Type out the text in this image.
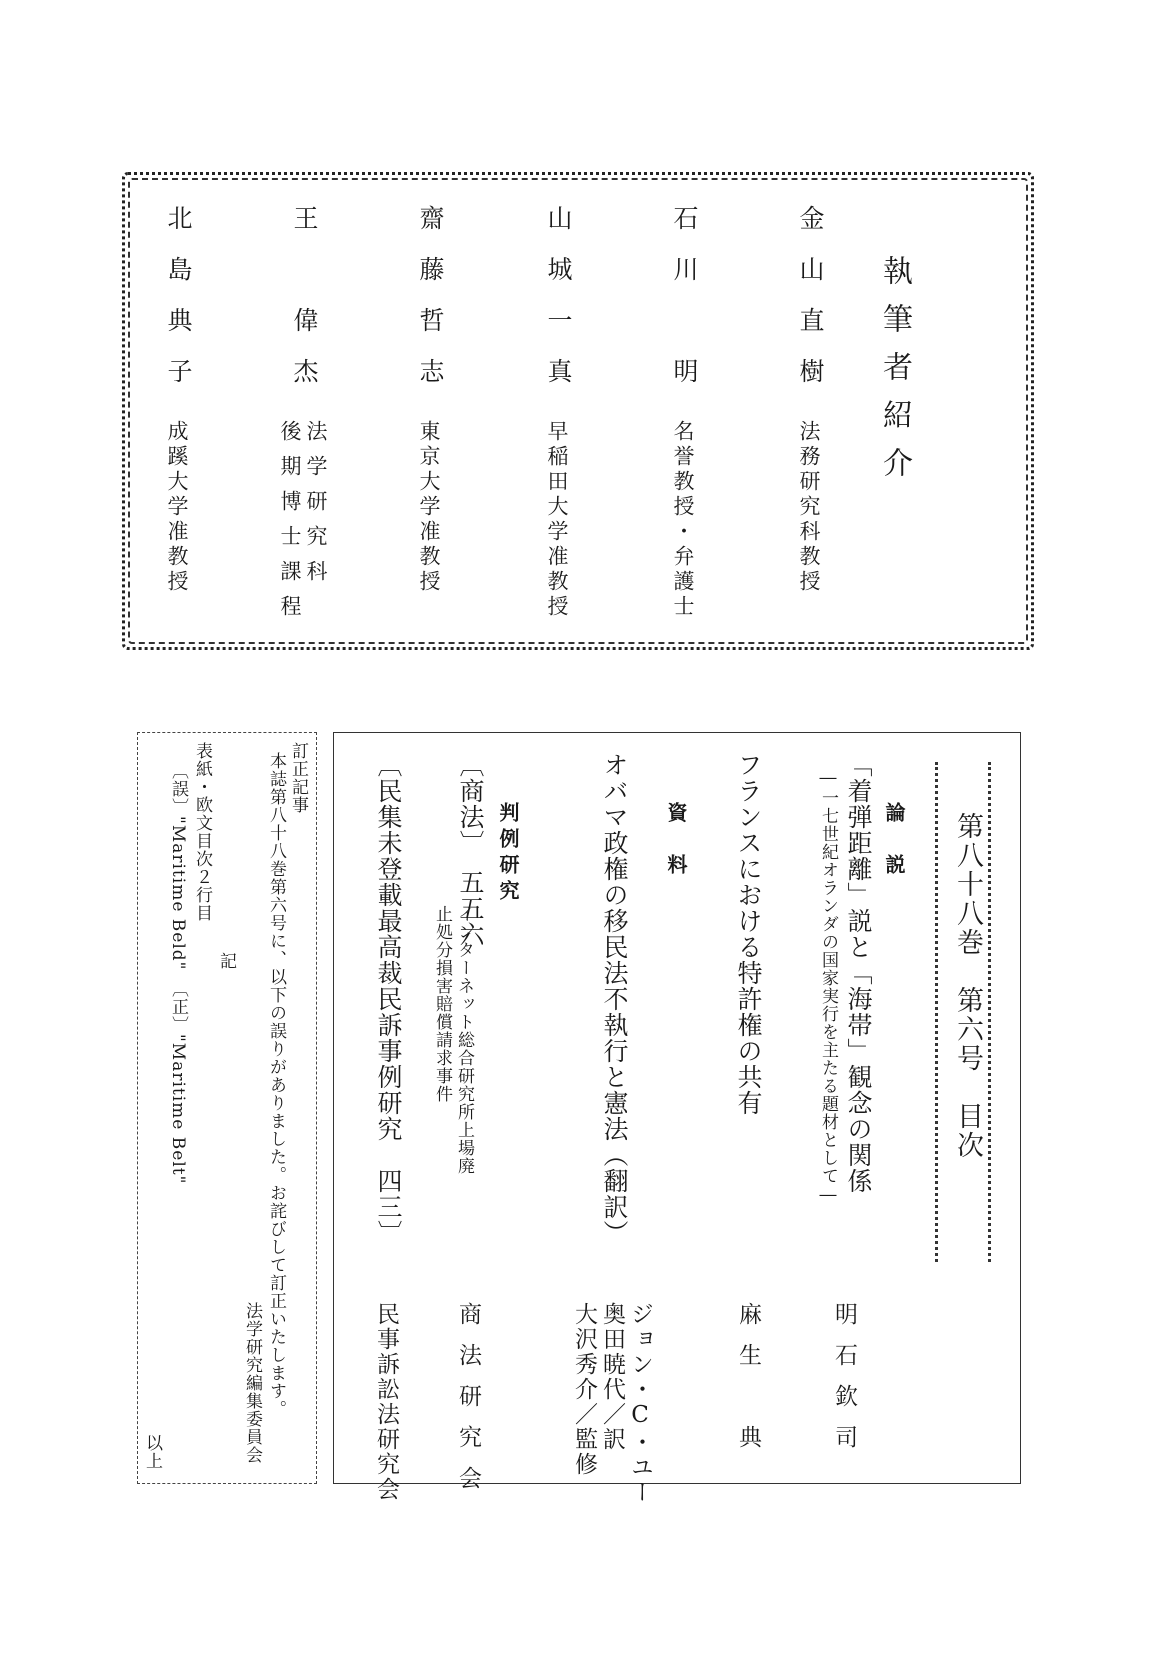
執筆者紹介
金山直樹
法務研究科教授
石川　明
名誉教授・弁護士
山城一真
早稲田大学准教授
齋藤哲志
東京大学准教授
王　偉杰
法学研究科
後期博士課程
北島典子
成蹊大学准教授
第八十八巻　第六号　目次
論　説
「着弾距離」説と「海帯」観念の関係
―一七世紀オランダの国家実行を主たる題材として―
明石欽司
フランスにおける特許権の共有
麻生　典
資　料
オバマ政権の移民法不執行と憲法（翻訳）
ジョン・C・ユー
奥田暁代／訳
大沢秀介／監修
判例研究
〔商法〕　五五六
インターネット総合研究所上場廃
止処分損害賠償請求事件
商法研究会
〔民集未登載最高裁民訴事例研究　四三〕
民事訴訟法研究会
訂正記事
本誌第八十八巻第六号に、以下の誤りがありました。お詫びして訂正いたします。
法学研究編集委員会
記
表紙・欧文目次２行目
〔誤〕"Maritime Beld"　〔正〕"Maritime Belt"
以上
